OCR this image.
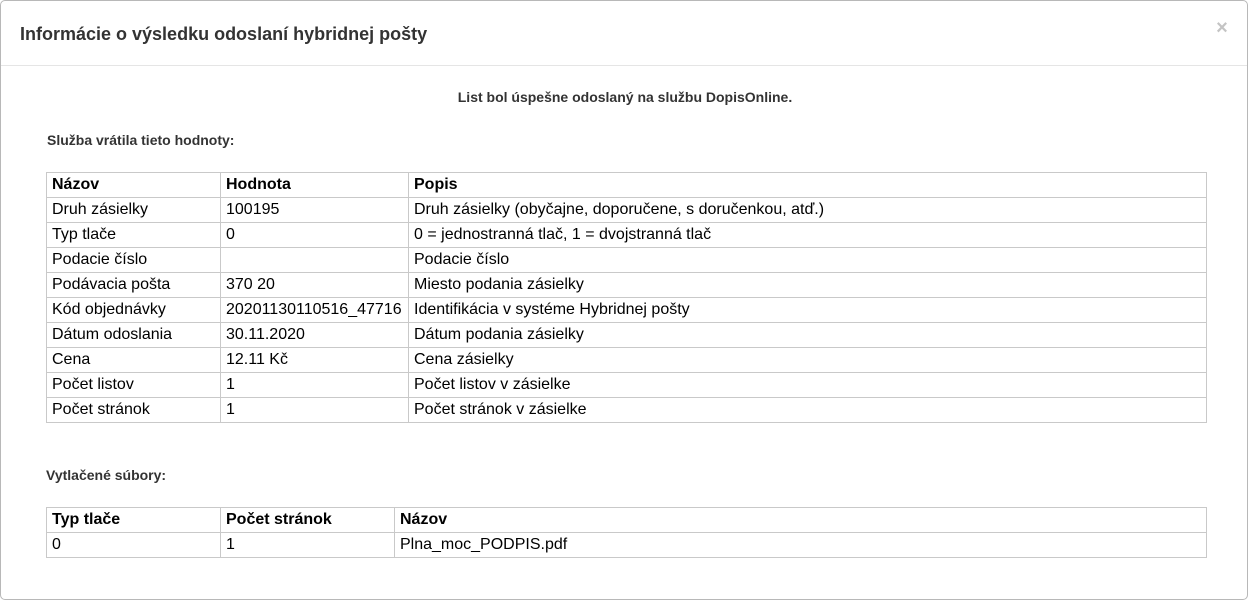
Informácie o výsledku odoslaní hybridnej pošty	×
List bol úspešne odoslaný na službu DopisOnline.
Služba vrátila tieto hodnoty:
Názov	Hodnota	Popis
Druh zásielky	100195	Druh zásielky (obyčajne, doporučene, s doručenkou, atď.)
Typ tlače	0	0 = jednostranná tlač, 1 = dvojstranná tlač
Podacie číslo		Podacie číslo
Podávacia pošta	370 20	Miesto podania zásielky
Kód objednávky	20201130110516_47716	Identifikácia v systéme Hybridnej pošty
Dátum odoslania	30.11.2020	Dátum podania zásielky
Cena	12.11 Kč	Cena zásielky
Počet listov	1	Počet listov v zásielke
Počet stránok	1	Počet stránok v zásielke
Vytlačené súbory:
Typ tlače	Počet stránok	Názov
0	1	Plna_moc_PODPIS.pdf
